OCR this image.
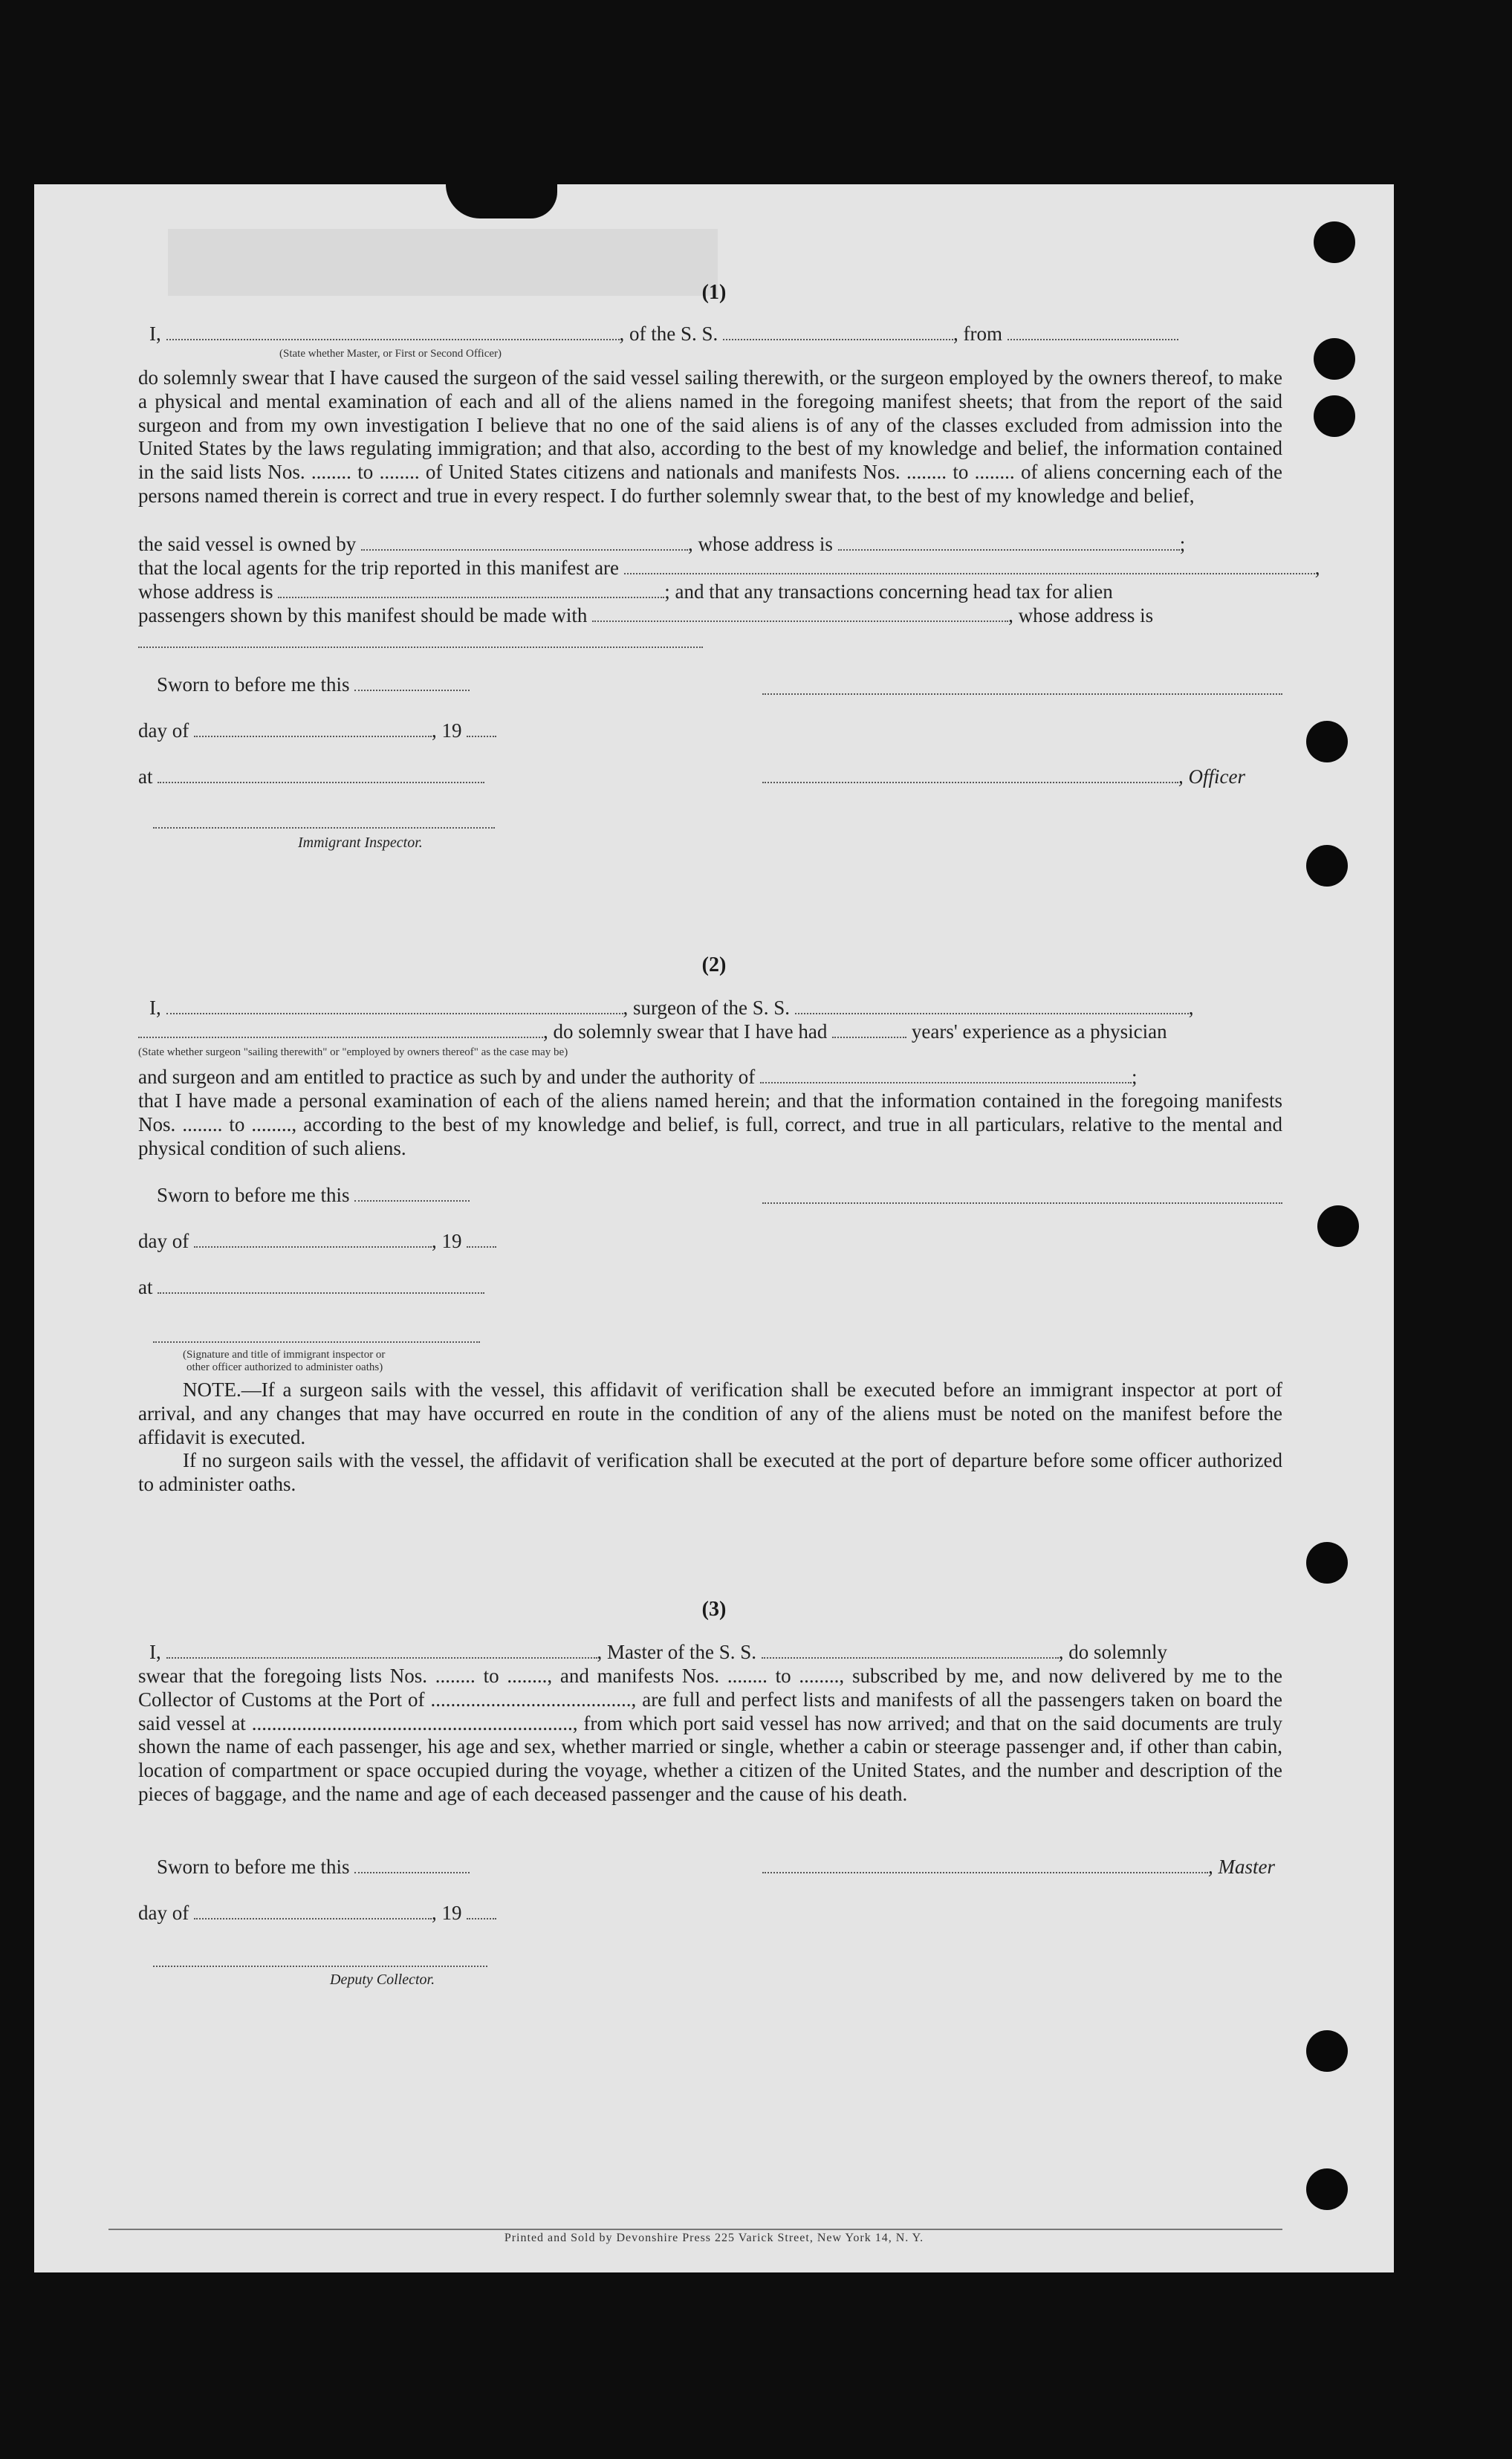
(1)
I,	, of the S. S.	, from
(State whether Master, or First or Second Officer)

do solemnly swear that I have caused the surgeon of the said vessel sailing therewith, or the surgeon employed by the owners thereof, to make a physical and mental examination of each and all of the aliens named in the foregoing manifest sheets; that from the report of the said surgeon and from my own investigation I believe that no one of the said aliens is of any of the classes excluded from admission into the United States by the laws regulating immigration; and that also, according to the best of my knowledge and belief, the information contained in the said lists Nos. ........ to ........ of United States citizens and nationals and manifests Nos. ........ to ........ of aliens concerning each of the persons named therein is correct and true in every respect. I do further solemnly swear that, to the best of my knowledge and belief,

the said vessel is owned by	, whose address is	;
that the local agents for the trip reported in this manifest are	,
whose address is	; and that any transactions concerning head tax for alien
passengers shown by this manifest should be made with	, whose address is
Sworn to before me this
day of	, 19
at	, Officer
Immigrant Inspector.
(2)
I,	, surgeon of the S. S.	,
, do solemnly swear that I have had	years' experience as a physician
(State whether surgeon "sailing therewith" or "employed by owners thereof" as the case may be)
and surgeon and am entitled to practice as such by and under the authority of	;

that I have made a personal examination of each of the aliens named herein; and that the information contained in the foregoing manifests Nos. ........ to ........, according to the best of my knowledge and belief, is full, correct, and true in all particulars, relative to the mental and physical condition of such aliens.

Sworn to before me this
day of	, 19
at
(Signature and title of immigrant inspector or
other officer authorized to administer oaths)

NOTE.—If a surgeon sails with the vessel, this affidavit of verification shall be executed before an immigrant inspector at port of arrival, and any changes that may have occurred en route in the condition of any of the aliens must be noted on the manifest before the affidavit is executed.

If no surgeon sails with the vessel, the affidavit of verification shall be executed at the port of departure before some officer authorized to administer oaths.

(3)
I,	, Master of the S. S.	, do solemnly

swear that the foregoing lists Nos. ........ to ........, and manifests Nos. ........ to ........, subscribed by me, and now delivered by me to the Collector of Customs at the Port of ........................................, are full and perfect lists and manifests of all the passengers taken on board the said vessel at ................................................................, from which port said vessel has now arrived; and that on the said documents are truly shown the name of each passenger, his age and sex, whether married or single, whether a cabin or steerage passenger and, if other than cabin, location of compartment or space occupied during the voyage, whether a citizen of the United States, and the number and description of the pieces of baggage, and the name and age of each deceased passenger and the cause of his death.

Sworn to before me this	, Master
day of	, 19
Deputy Collector.
Printed and Sold by Devonshire Press 225 Varick Street, New York 14, N. Y.
